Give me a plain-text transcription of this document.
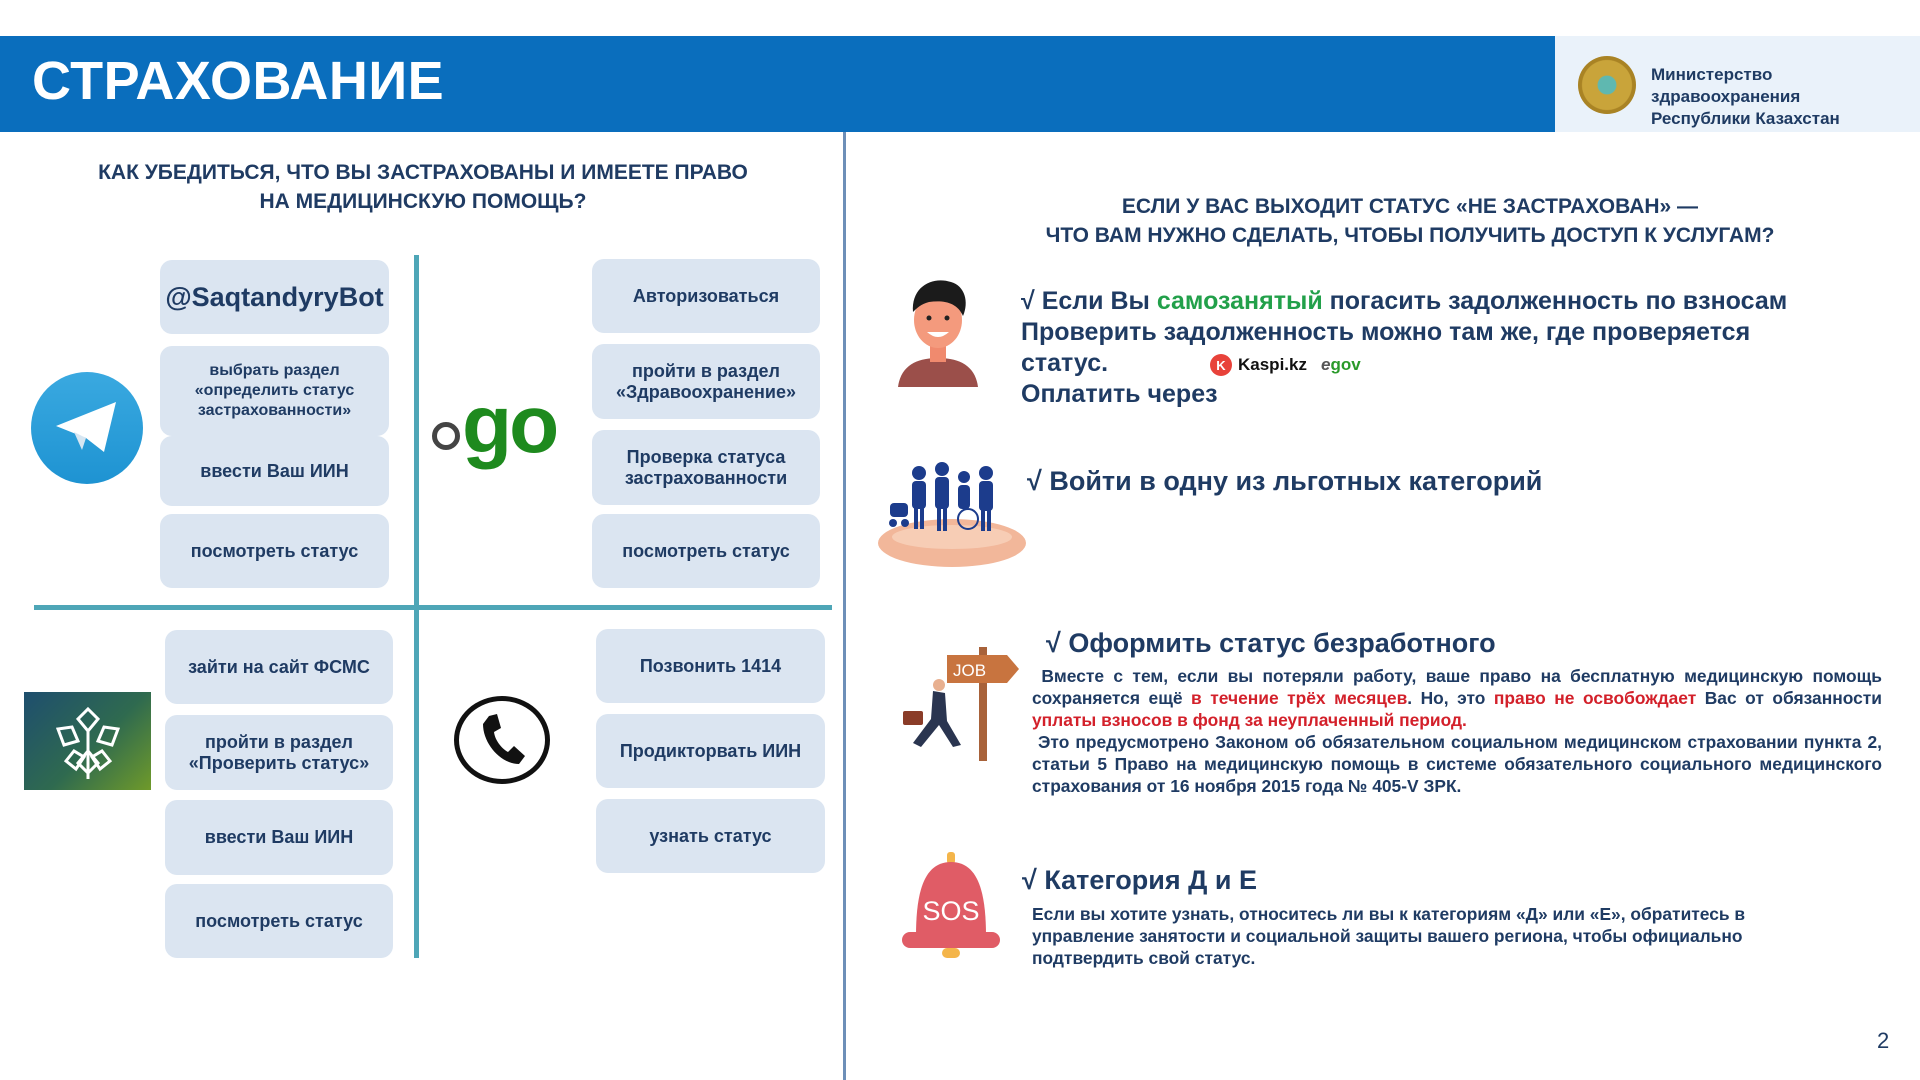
СТРАХОВАНИЕ	Министерство
здравоохранения
Республики Казахстан
КАК УБЕДИТЬСЯ, ЧТО ВЫ ЗАСТРАХОВАНЫ И ИМЕЕТЕ ПРАВО
НА МЕДИЦИНСКУЮ ПОМОЩЬ?
@SaqtandyryBot
выбрать раздел «определить статус застрахованности»
ввести Ваш ИИН
посмотреть статус
go
Авторизоваться
пройти в раздел «Здравоохранение»
Проверка статуса застрахованности
посмотреть статус
зайти на сайт ФСМС
пройти в раздел «Проверить статус»
ввести Ваш ИИН
посмотреть статус
Позвонить 1414
Продикторвать ИИН
узнать статус
ЕСЛИ У ВАС ВЫХОДИТ СТАТУС «НЕ ЗАСТРАХОВАН» —
ЧТО ВАМ НУЖНО СДЕЛАТЬ, ЧТОБЫ ПОЛУЧИТЬ ДОСТУП К УСЛУГАМ?
√ Если Вы самозанятый погасить задолженность по взносам
Проверить задолженность можно там же, где проверяется
статус.
Оплатить через
K Kaspi.kz egov
√ Войти в одну из льготных категорий
JOB
√ Оформить статус безработного
Вместе с тем, если вы потеряли работу, ваше право на бесплатную медицинскую помощь сохраняется ещё в течение трёх месяцев. Но, это право не освобождает Вас от обязанности уплаты взносов в фонд за неуплаченный период.
Это предусмотрено Законом об обязательном социальном медицинском страховании пункта 2, статьи 5 Право на медицинскую помощь в системе обязательного социального медицинского страхования от 16 ноября 2015 года № 405-V ЗРК.
SOS
√ Категория Д и Е
Если вы хотите узнать, относитесь ли вы к категориям «Д» или «Е», обратитесь в управление занятости и социальной защиты вашего региона, чтобы официально подтвердить свой статус.
2
